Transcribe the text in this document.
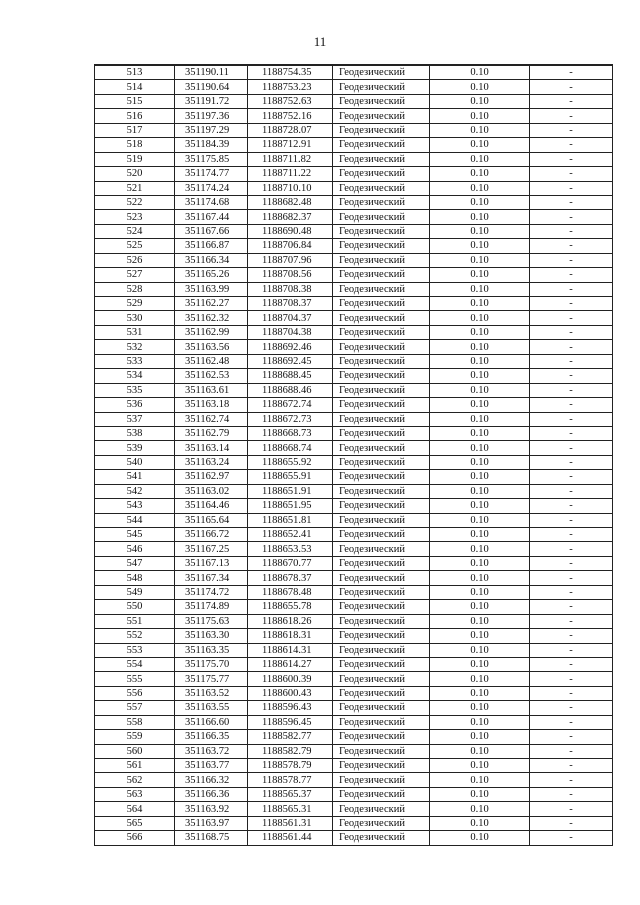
11
513	351190.11	1188754.35	Геодезический	0.10	-
514	351190.64	1188753.23	Геодезический	0.10	-
515	351191.72	1188752.63	Геодезический	0.10	-
516	351197.36	1188752.16	Геодезический	0.10	-
517	351197.29	1188728.07	Геодезический	0.10	-
518	351184.39	1188712.91	Геодезический	0.10	-
519	351175.85	1188711.82	Геодезический	0.10	-
520	351174.77	1188711.22	Геодезический	0.10	-
521	351174.24	1188710.10	Геодезический	0.10	-
522	351174.68	1188682.48	Геодезический	0.10	-
523	351167.44	1188682.37	Геодезический	0.10	-
524	351167.66	1188690.48	Геодезический	0.10	-
525	351166.87	1188706.84	Геодезический	0.10	-
526	351166.34	1188707.96	Геодезический	0.10	-
527	351165.26	1188708.56	Геодезический	0.10	-
528	351163.99	1188708.38	Геодезический	0.10	-
529	351162.27	1188708.37	Геодезический	0.10	-
530	351162.32	1188704.37	Геодезический	0.10	-
531	351162.99	1188704.38	Геодезический	0.10	-
532	351163.56	1188692.46	Геодезический	0.10	-
533	351162.48	1188692.45	Геодезический	0.10	-
534	351162.53	1188688.45	Геодезический	0.10	-
535	351163.61	1188688.46	Геодезический	0.10	-
536	351163.18	1188672.74	Геодезический	0.10	-
537	351162.74	1188672.73	Геодезический	0.10	-
538	351162.79	1188668.73	Геодезический	0.10	-
539	351163.14	1188668.74	Геодезический	0.10	-
540	351163.24	1188655.92	Геодезический	0.10	-
541	351162.97	1188655.91	Геодезический	0.10	-
542	351163.02	1188651.91	Геодезический	0.10	-
543	351164.46	1188651.95	Геодезический	0.10	-
544	351165.64	1188651.81	Геодезический	0.10	-
545	351166.72	1188652.41	Геодезический	0.10	-
546	351167.25	1188653.53	Геодезический	0.10	-
547	351167.13	1188670.77	Геодезический	0.10	-
548	351167.34	1188678.37	Геодезический	0.10	-
549	351174.72	1188678.48	Геодезический	0.10	-
550	351174.89	1188655.78	Геодезический	0.10	-
551	351175.63	1188618.26	Геодезический	0.10	-
552	351163.30	1188618.31	Геодезический	0.10	-
553	351163.35	1188614.31	Геодезический	0.10	-
554	351175.70	1188614.27	Геодезический	0.10	-
555	351175.77	1188600.39	Геодезический	0.10	-
556	351163.52	1188600.43	Геодезический	0.10	-
557	351163.55	1188596.43	Геодезический	0.10	-
558	351166.60	1188596.45	Геодезический	0.10	-
559	351166.35	1188582.77	Геодезический	0.10	-
560	351163.72	1188582.79	Геодезический	0.10	-
561	351163.77	1188578.79	Геодезический	0.10	-
562	351166.32	1188578.77	Геодезический	0.10	-
563	351166.36	1188565.37	Геодезический	0.10	-
564	351163.92	1188565.31	Геодезический	0.10	-
565	351163.97	1188561.31	Геодезический	0.10	-
566	351168.75	1188561.44	Геодезический	0.10	-
